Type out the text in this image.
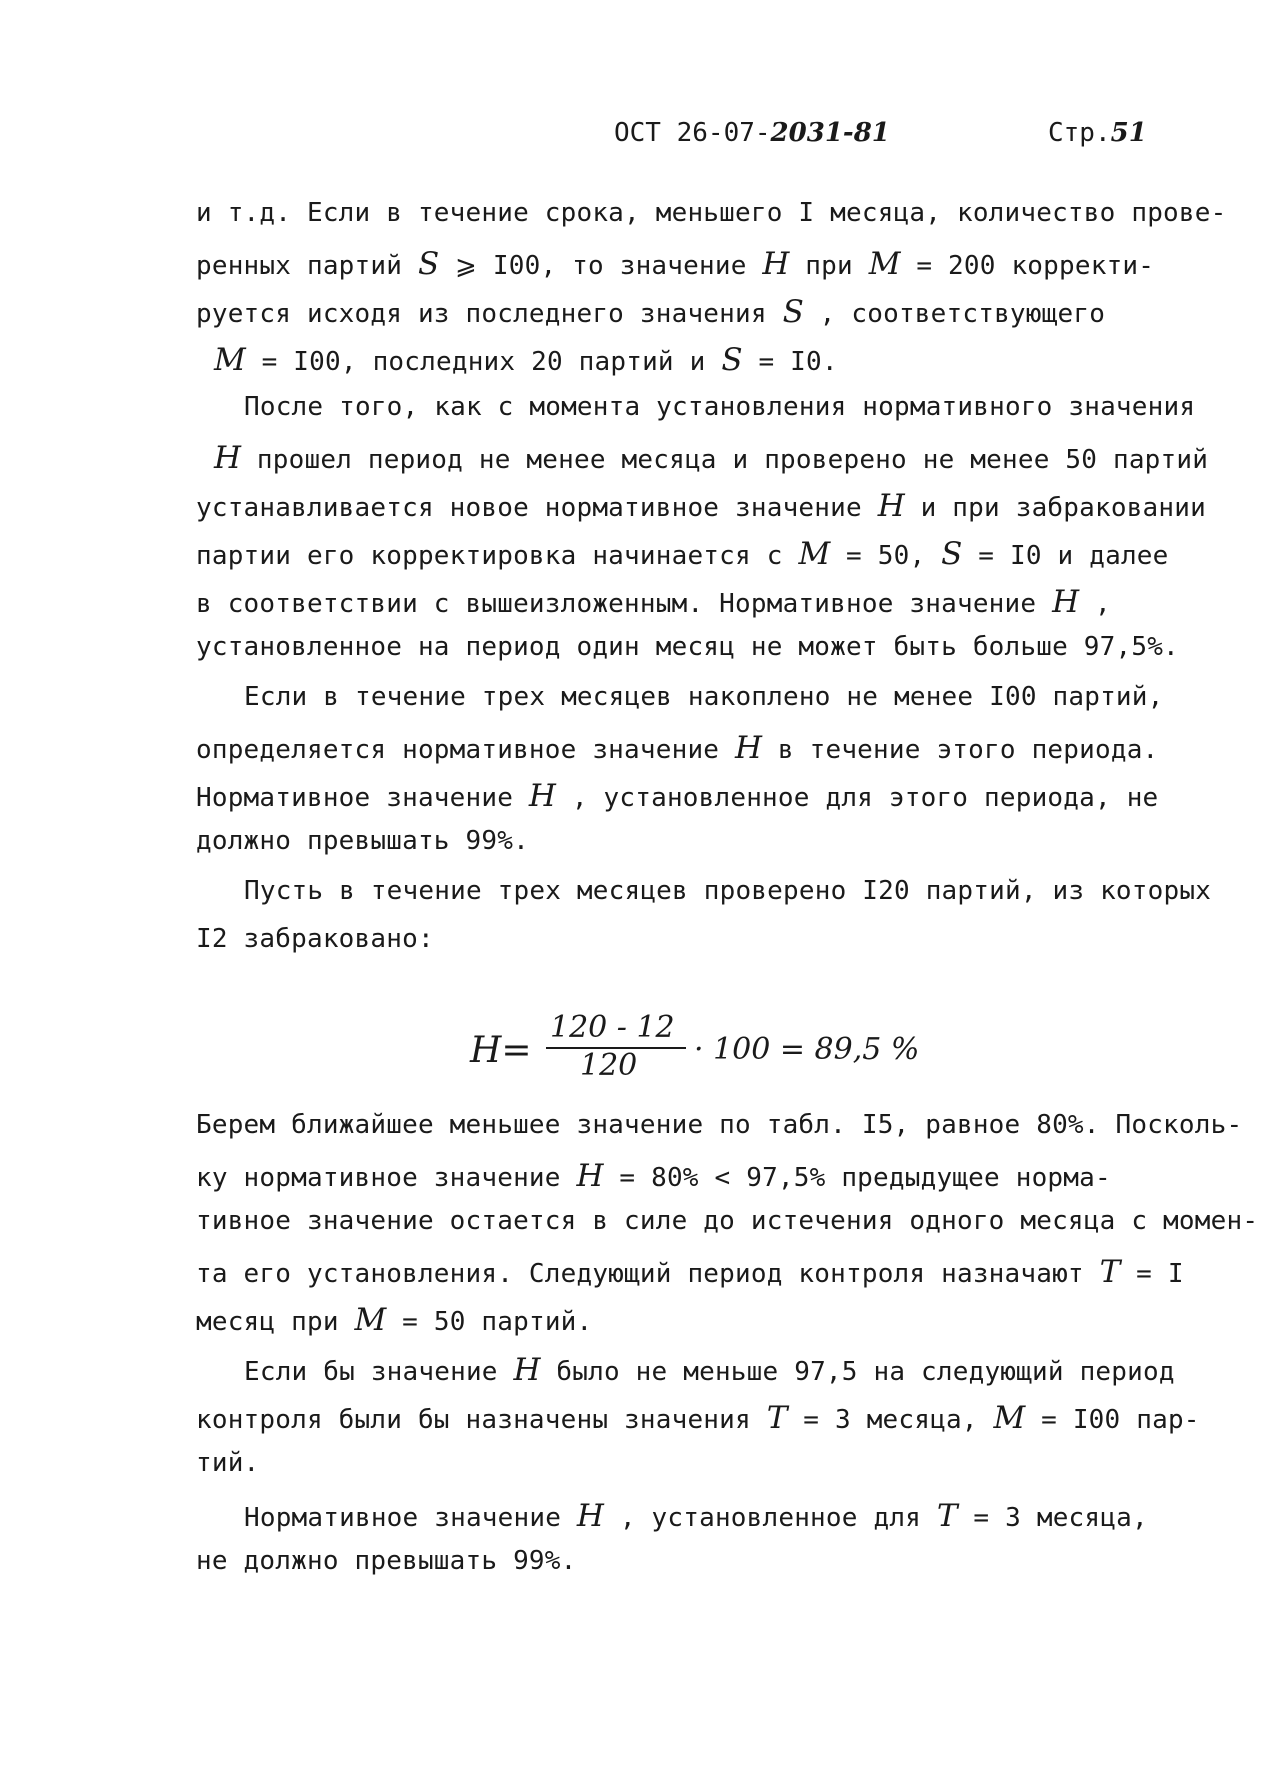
ОСТ 26-07-2031-81	Стр.51
и т.д. Если в течение срока, меньшего I месяца, количество прове-
ренных партий S ⩾ I00, то значение H при M = 200 корректи-
руется исходя из последнего значения S , соответствующего
M = I00, последних 20 партий и S = I0.
После того, как с момента установления нормативного значения
H прошел период не менее месяца и проверено не менее 50 партий
устанавливается новое нормативное значение H и при забраковании
партии его корректировка начинается с M = 50, S = I0 и далее
в соответствии с вышеизложенным. Нормативное значение H ,
установленное на период один месяц не может быть больше 97,5%.
Если в течение трех месяцев накоплено не менее I00 партий,
определяется нормативное значение H в течение этого периода.
Нормативное значение H , установленное для этого периода, не
должно превышать 99%.
Пусть в течение трех месяцев проверено I20 партий, из которых
I2 забраковано:
Берем ближайшее меньшее значение по табл. I5, равное 80%. Посколь-
ку нормативное значение H = 80% < 97,5% предыдущее норма-
тивное значение остается в силе до истечения одного месяца с момен-
та его установления. Следующий период контроля назначают T = I
месяц при M = 50 партий.
Если бы значение H было не меньше 97,5 на следующий период
контроля были бы назначены значения T = 3 месяца, M = I00 пар-
тий.
Нормативное значение H , установленное для T = 3 месяца,
не должно превышать 99%.
H=
120 - 12
120 · 100 = 89,5 %
